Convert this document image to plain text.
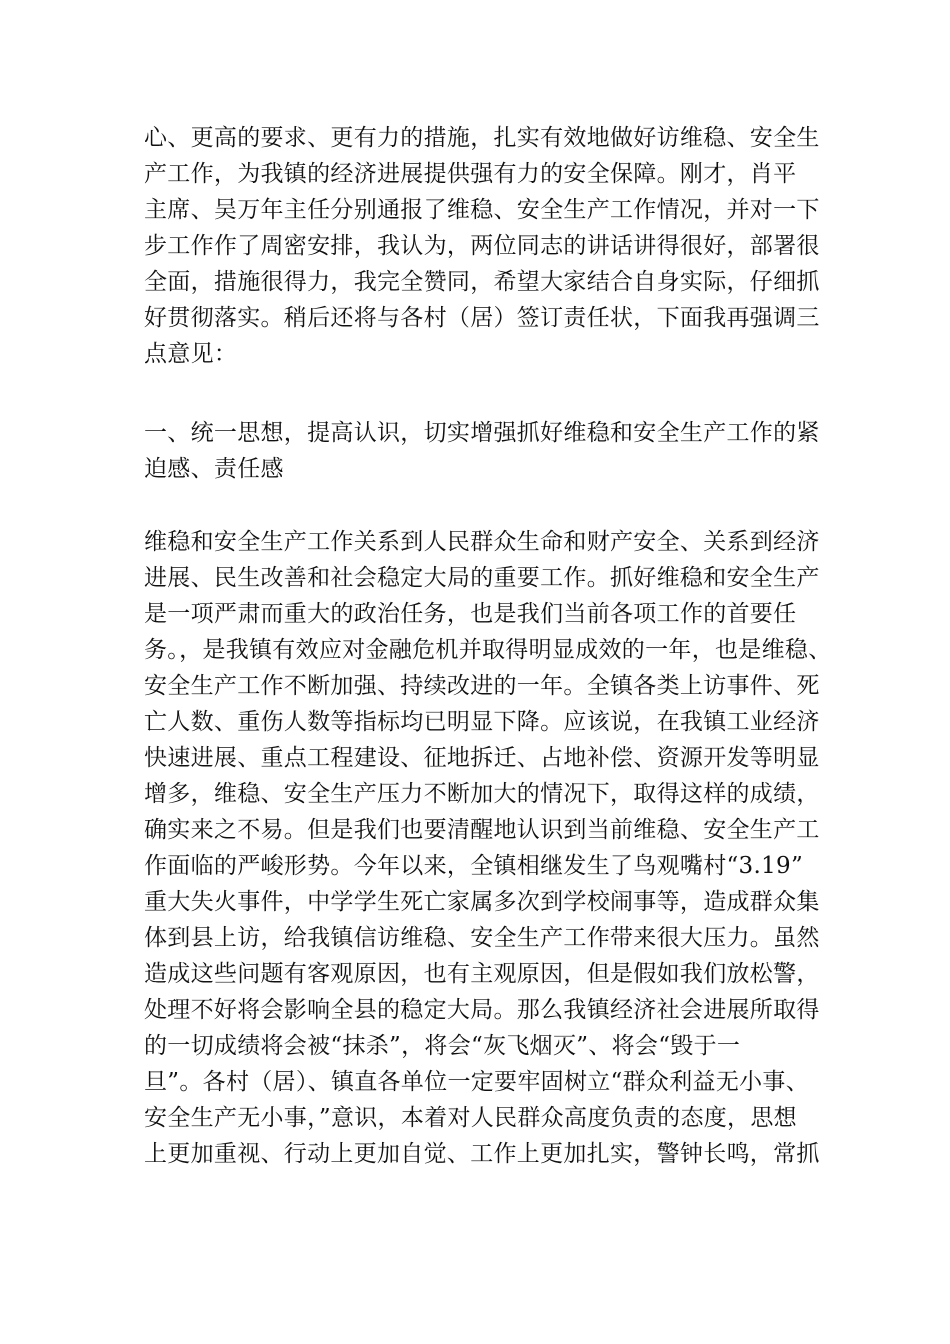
心、更高的要求、更有力的措施，扎实有效地做好访维稳、安全生
产工作，为我镇的经济进展提供强有力的安全保障。刚才，肖平
主席、吴万年主任分别通报了维稳、安全生产工作情况，并对一下
步工作作了周密安排，我认为，两位同志的讲话讲得很好，部署很
全面，措施很得力，我完全赞同，希望大家结合自身实际，仔细抓
好贯彻落实。稍后还将与各村（居）签订责任状，下面我再强调三
点意见：
一、统一思想，提高认识，切实增强抓好维稳和安全生产工作的紧
迫感、责任感
维稳和安全生产工作关系到人民群众生命和财产安全、关系到经济
进展、民生改善和社会稳定大局的重要工作。抓好维稳和安全生产
是一项严肃而重大的政治任务，也是我们当前各项工作的首要任
务。，是我镇有效应对金融危机并取得明显成效的一年，也是维稳、
安全生产工作不断加强、持续改进的一年。全镇各类上访事件、死
亡人数、重伤人数等指标均已明显下降。应该说，在我镇工业经济
快速进展、重点工程建设、征地拆迁、占地补偿、资源开发等明显
增多，维稳、安全生产压力不断加大的情况下，取得这样的成绩，
确实来之不易。但是我们也要清醒地认识到当前维稳、安全生产工
作面临的严峻形势。今年以来，全镇相继发生了鸟观嘴村“3.19”
重大失火事件，中学学生死亡家属多次到学校闹事等，造成群众集
体到县上访，给我镇信访维稳、安全生产工作带来很大压力。虽然
造成这些问题有客观原因，也有主观原因，但是假如我们放松警，
处理不好将会影响全县的稳定大局。那么我镇经济社会进展所取得
的一切成绩将会被“抹杀”，将会“灰飞烟灭”、将会“毁于一
旦”。各村（居）、镇直各单位一定要牢固树立“群众利益无小事、
安全生产无小事，”意识，本着对人民群众高度负责的态度，思想
上更加重视、行动上更加自觉、工作上更加扎实，警钟长鸣，常抓
